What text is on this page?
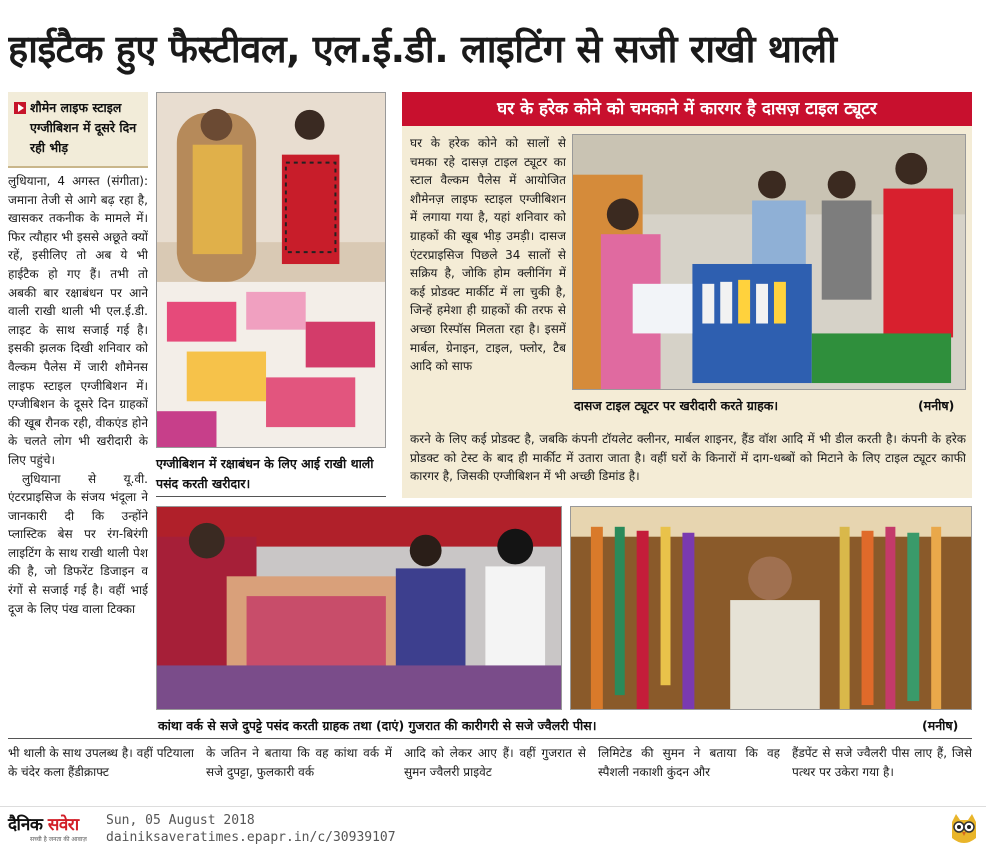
हाईटैक हुए फैस्टीवल, एल.ई.डी. लाइटिंग से सजी राखी थाली
शौमेन लाइफ स्टाइल एग्जीबिशन में दूसरे दिन रही भीड़

लुधियाना, 4 अगस्त (संगीता): जमाना तेजी से आगे बढ़ रहा है, खासकर तकनीक के मामले में। फिर त्यौहार भी इससे अछूते क्यों रहें, इसीलिए तो अब ये भी हाईटैक हो गए हैं। तभी तो अबकी बार रक्षाबंधन पर आने वाली राखी थाली भी एल.ई.डी. लाइट के साथ सजाई गई है। इसकी झलक दिखी शनिवार को वैल्कम पैलेस में जारी शौमेनस लाइफ स्टाइल एग्जीबिशन में। एग्जीबिशन के दूसरे दिन ग्राहकों की खूब रौनक रही, वीकएंड होने के चलते लोग भी खरीदारी के लिए पहुंचे।

लुधियाना से यू.वी. एंटरप्राइसिज के संजय भंदूला ने जानकारी दी कि उन्होंने प्लास्टिक बेस पर रंग-बिरंगी लाइटिंग के साथ राखी थाली पेश की है, जो डिफरेंट डिजाइन व रंगों से सजाई गई है। वहीं भाई दूज के लिए पंख वाला टिक्का

एग्जीबिशन में रक्षाबंधन के लिए आई राखी थाली पसंद करती खरीदार।
घर के हरेक कोने को चमकाने में कारगर है दासज़ टाइल ट्यूटर
घर के हरेक कोने को सालों से चमका रहे दासज़ टाइल ट्यूटर का स्टाल वैल्कम पैलेस में आयोजित शौमेनज़ लाइफ स्टाइल एग्जीबिशन में लगाया गया है, यहां शनिवार को ग्राहकों की खूब भीड़ उमड़ी। दासज एंटरप्राइसिज पिछले 34 सालों से सक्रिय है, जोकि होम क्लीनिंग में कई प्रोडक्ट मार्कीट में ला चुकी है, जिन्हें हमेशा ही ग्राहकों की तरफ से अच्छा रिस्पॉस मिलता रहा है। इसमें मार्बल, ग्रेनाइन, टाइल, फ्लोर, टैब आदि को साफ
दासज टाइल ट्यूटर पर खरीदारी करते ग्राहक।	(मनीष)
करने के लिए कई प्रोडक्ट है, जबकि कंपनी टॉयलेट क्लीनर, मार्बल शाइनर, हैंड वॉश आदि में भी डील करती है। कंपनी के हरेक प्रोडक्ट को टेस्ट के बाद ही मार्कीट में उतारा जाता है। वहीं घरों के किनारों में दाग-धब्बों को मिटाने के लिए टाइल ट्यूटर काफी कारगर है, जिसकी एग्जीबिशन में भी अच्छी डिमांड है।
कांथा वर्क से सजे दुपट्टे पसंद करती ग्राहक तथा (दाएं) गुजरात की कारीगरी से सजे ज्वैलरी पीस।	(मनीष)
भी थाली के साथ उपलब्ध है। वहीं पटियाला के चंदेर कला हैंडीक्राफ्ट
के जतिन ने बताया कि वह कांथा वर्क में सजे दुपट्टा, फुलकारी वर्क
आदि को लेकर आए हैं। वहीं गुजरात से सुमन ज्वैलरी प्राइवेट
लिमिटेड की सुमन ने बताया कि वह स्पैशली नकाशी कुंदन और
हैंडपेंट से सजे ज्वैलरी पीस लाए हैं, जिसे पत्थर पर उकेरा गया है।
दैनिक सवेरा
सच्ची है जनता की आवाज़
Sun, 05 August 2018
dainiksaveratimes.epapr.in/c/30939107
